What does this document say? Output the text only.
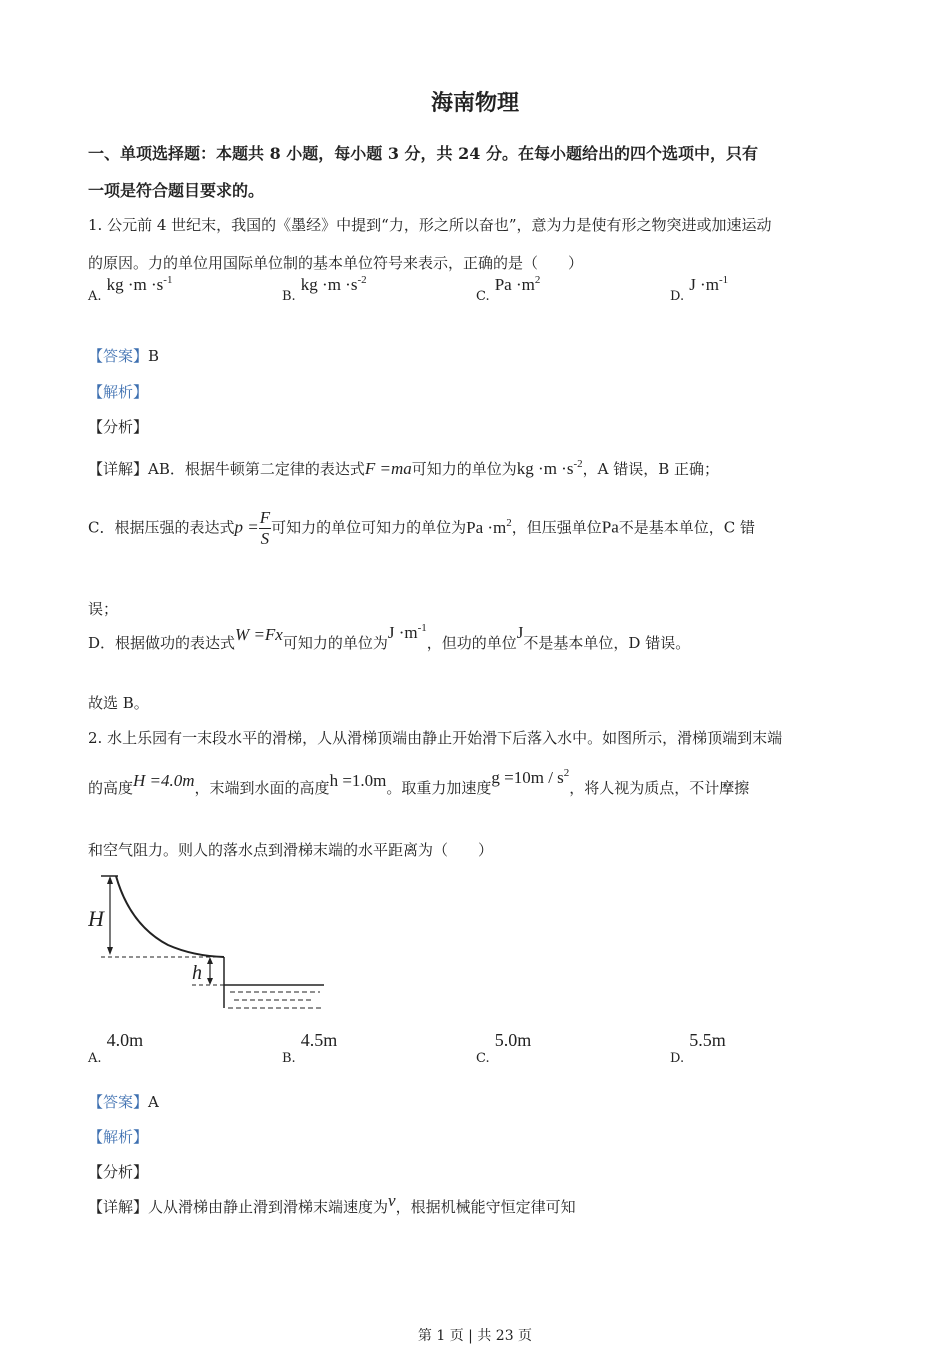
海南物理
一、单项选择题：本题共 8 小题，每小题 3 分，共 24 分。在每小题给出的四个选项中，只有
一项是符合题目要求的。
1. 公元前 4 世纪末，我国的《墨经》中提到“力，形之所以奋也”，意为力是使有形之物突进或加速运动
的原因。力的单位用国际单位制的基本单位符号来表示，正确的是（　　）
A. kg $\cdot m \cdot s^{-1}$
B. kg $\cdot m \cdot s^{-2}$
C. $Pa \cdot m^2$
D. $J \cdot m^{-1}$
【答案】B
【解析】
【分析】
【详解】AB．根据牛顿第二定律的表达式F =ma可知力的单位为kg $\cdot m \cdot s^{-2}$，A 错误，B 正确；
C．根据压强的表达式$p = \frac{F}{S}$ 可知力的单位可知力的单位为$Pa \cdot m^2$，但压强单位Pa不是基本单位，C 错
误；
D．根据做功的表达式W =Fx可知力的单位为$J \cdot m^{-1}$，但功的单位J不是基本单位，D 错误。
故选 B。
2. 水上乐园有一末段水平的滑梯，人从滑梯顶端由静止开始滑下后落入水中。如图所示，滑梯顶端到末端
的高度H =4.0m，末端到水面的高度h =1.0m。取重力加速度$g =10m / s^2$，将人视为质点，不计摩擦
和空气阻力。则人的落水点到滑梯末端的水平距离为（　　）
H
h
$_{A.}$ 4.0m
$_{B.}$ 4.5m
$_{C.}$ 5.0m
$_{D.}$ 5.5m
【答案】A
【解析】
【分析】
【详解】人从滑梯由静止滑到滑梯末端速度为v，根据机械能守恒定律可知
第 1 页 | 共 23 页
